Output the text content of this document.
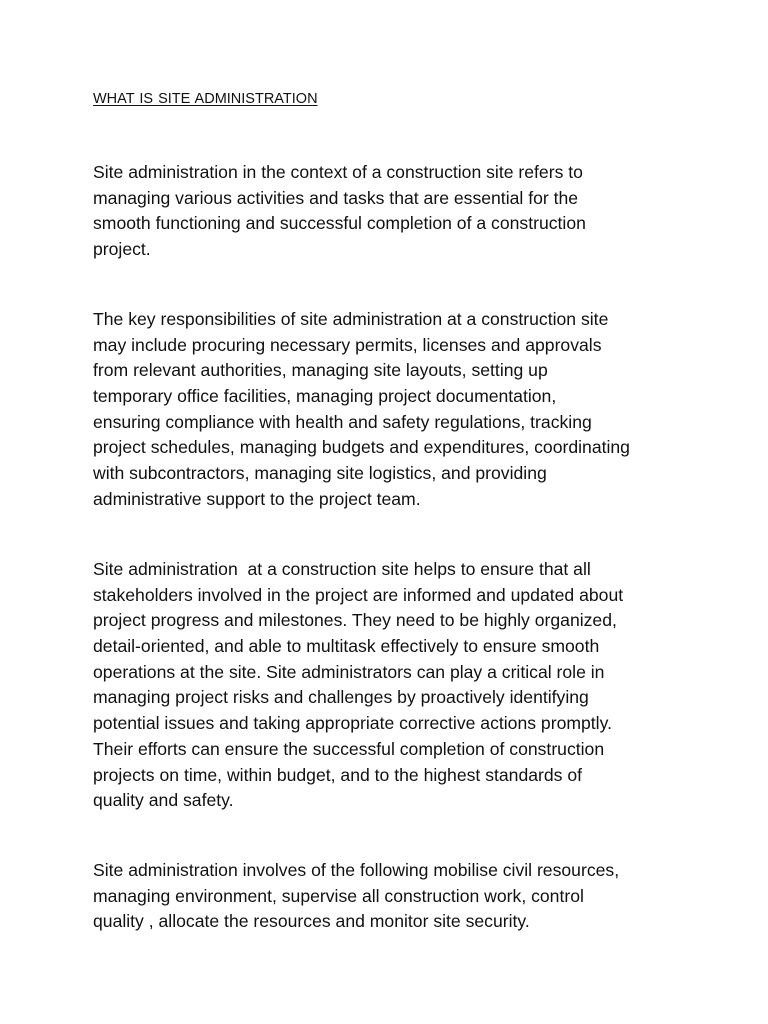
WHAT IS SITE ADMINISTRATION
Site administration in the context of a construction site refers to
managing various activities and tasks that are essential for the
smooth functioning and successful completion of a construction
project.
The key responsibilities of site administration at a construction site
may include procuring necessary permits, licenses and approvals
from relevant authorities, managing site layouts, setting up
temporary office facilities, managing project documentation,
ensuring compliance with health and safety regulations, tracking
project schedules, managing budgets and expenditures, coordinating
with subcontractors, managing site logistics, and providing
administrative support to the project team.
Site administration  at a construction site helps to ensure that all
stakeholders involved in the project are informed and updated about
project progress and milestones. They need to be highly organized,
detail-oriented, and able to multitask effectively to ensure smooth
operations at the site. Site administrators can play a critical role in
managing project risks and challenges by proactively identifying
potential issues and taking appropriate corrective actions promptly.
Their efforts can ensure the successful completion of construction
projects on time, within budget, and to the highest standards of
quality and safety.
Site administration involves of the following mobilise civil resources,
managing environment, supervise all construction work, control
quality , allocate the resources and monitor site security.
